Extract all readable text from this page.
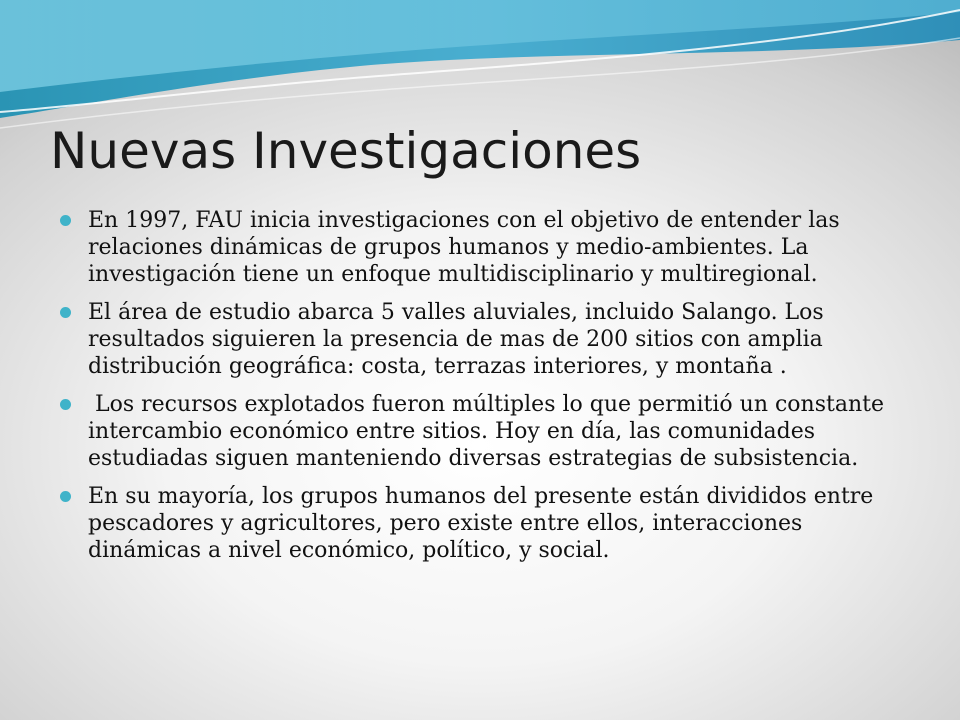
Nuevas Investigaciones
En 1997, FAU inicia investigaciones con el objetivo de entender las relaciones dinámicas de grupos humanos y medio-ambientes. La investigación tiene un enfoque multidisciplinario y multiregional.
El área de estudio abarca 5 valles aluviales, incluido Salango. Los resultados siguieren la presencia de mas de 200 sitios con amplia distribución geográfica: costa, terrazas interiores, y montaña .
Los recursos explotados fueron múltiples lo que permitió un constante intercambio económico entre sitios. Hoy en día, las comunidades estudiadas siguen manteniendo diversas estrategias de subsistencia.
En su mayoría, los grupos humanos del presente están divididos entre pescadores y agricultores, pero existe entre ellos, interacciones dinámicas a nivel económico, político, y social.
